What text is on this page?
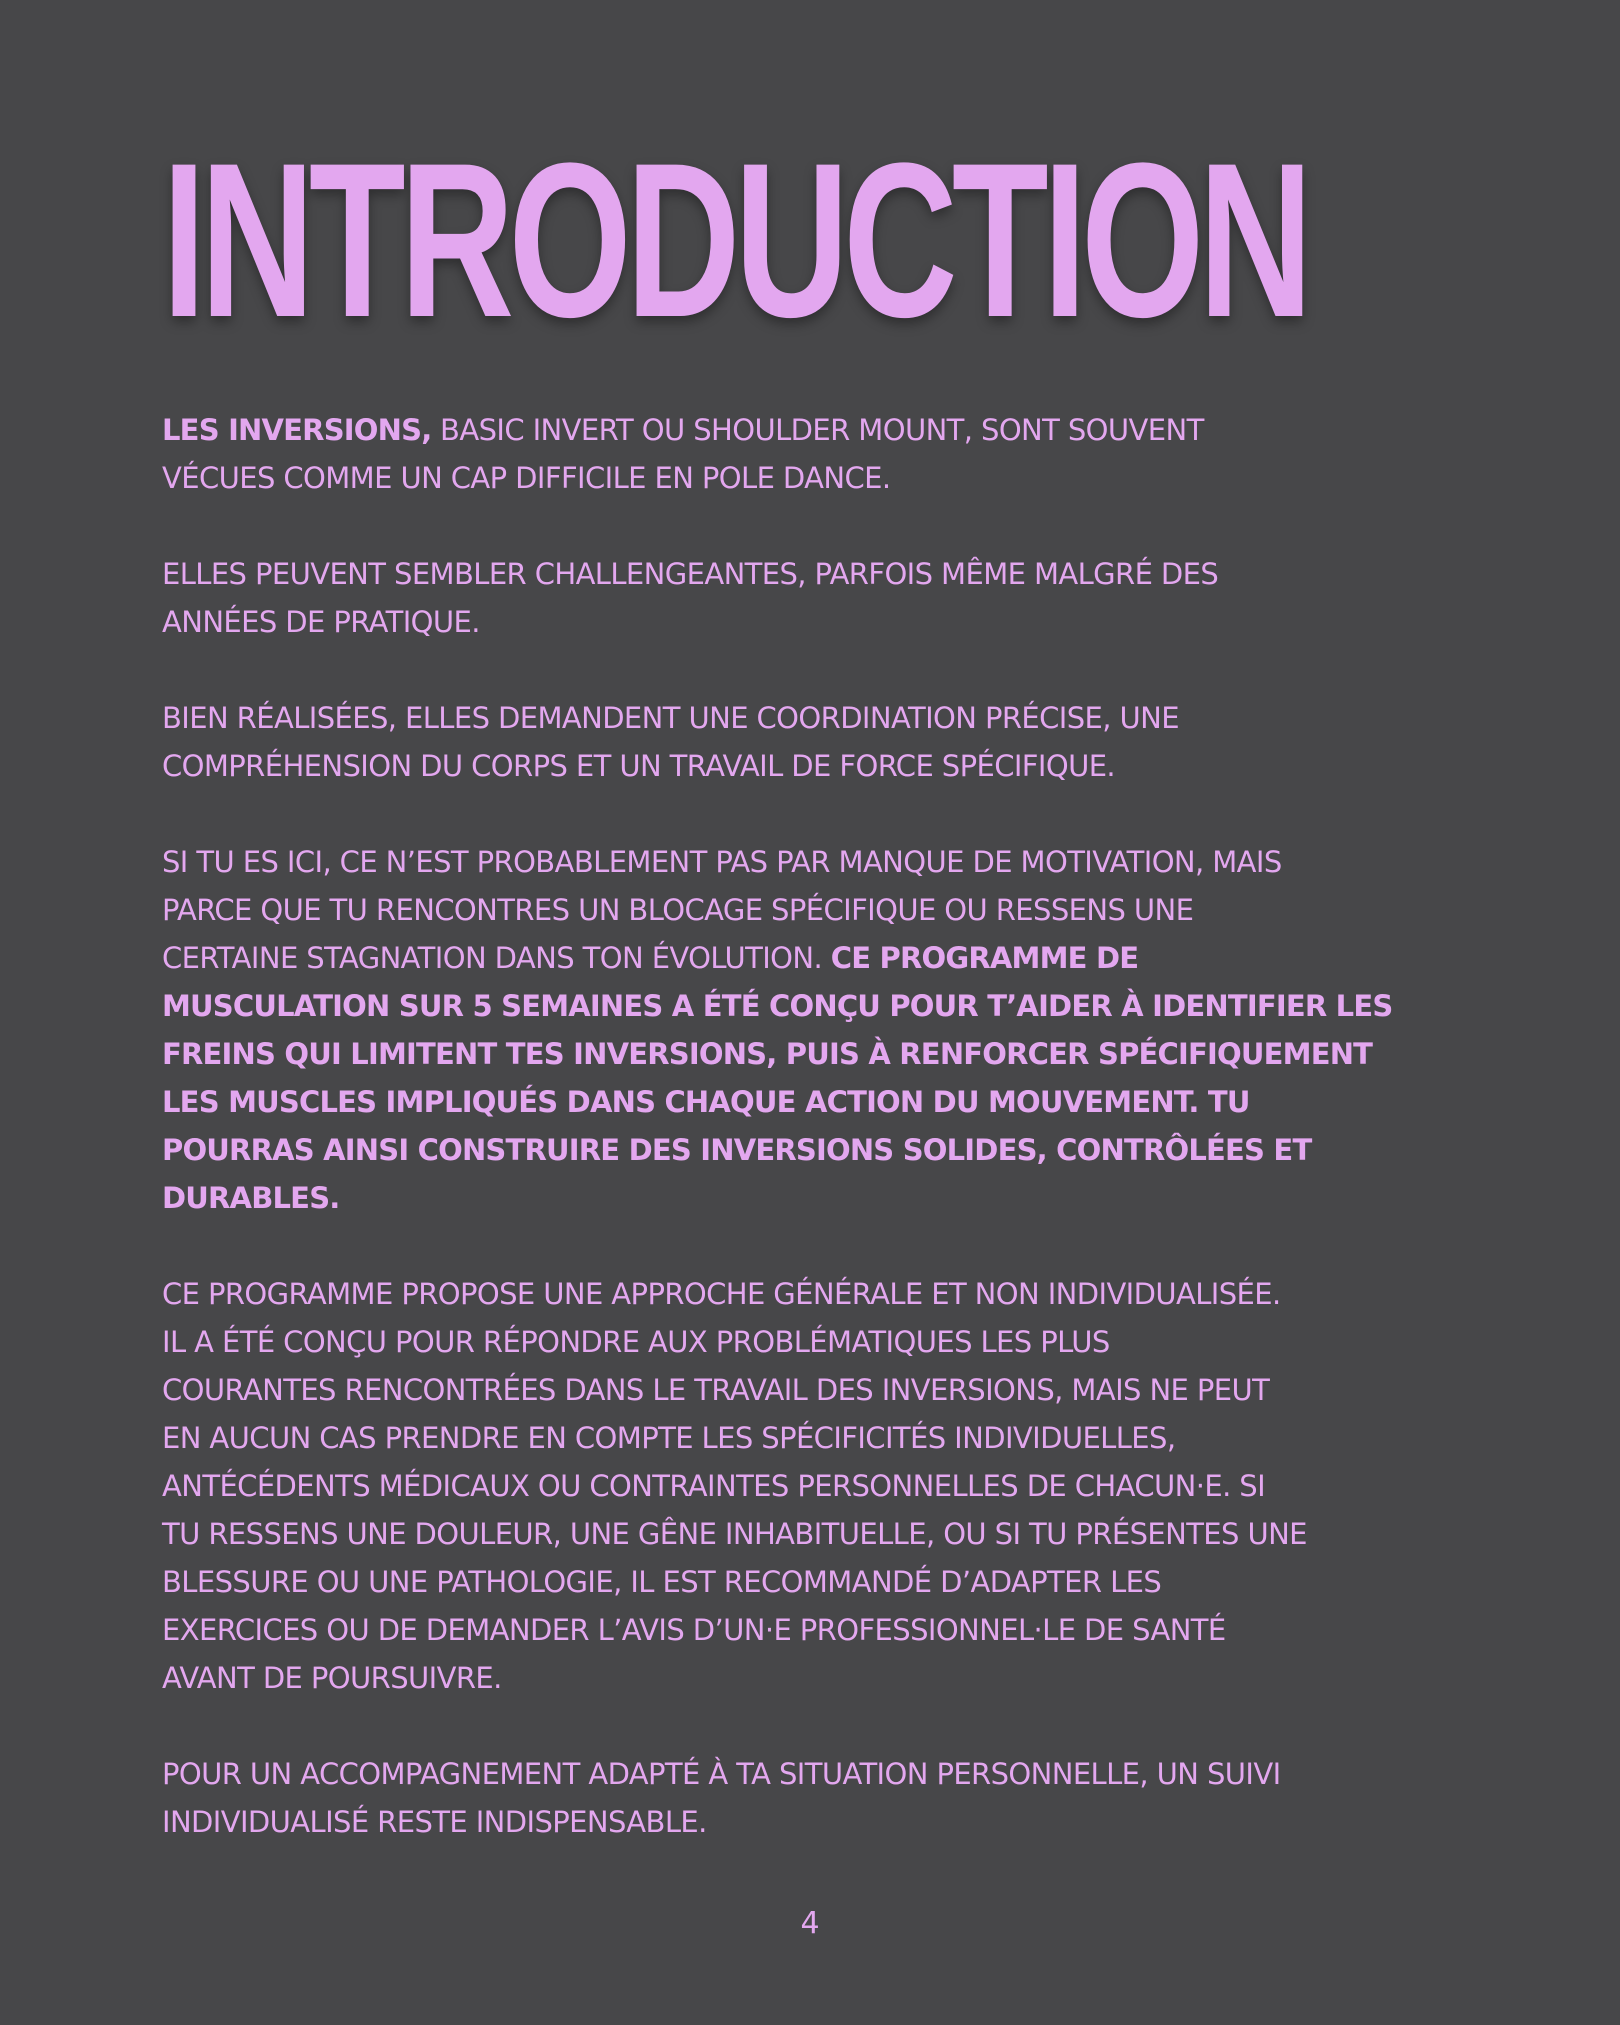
INTRODUCTION

LES INVERSIONS, BASIC INVERT OU SHOULDER MOUNT, SONT SOUVENT
VÉCUES COMME UN CAP DIFFICILE EN POLE DANCE.

ELLES PEUVENT SEMBLER CHALLENGEANTES, PARFOIS MÊME MALGRÉ DES
ANNÉES DE PRATIQUE.

BIEN RÉALISÉES, ELLES DEMANDENT UNE COORDINATION PRÉCISE, UNE
COMPRÉHENSION DU CORPS ET UN TRAVAIL DE FORCE SPÉCIFIQUE.

SI TU ES ICI, CE N’EST PROBABLEMENT PAS PAR MANQUE DE MOTIVATION, MAIS
PARCE QUE TU RENCONTRES UN BLOCAGE SPÉCIFIQUE OU RESSENS UNE
CERTAINE STAGNATION DANS TON ÉVOLUTION. CE PROGRAMME DE
MUSCULATION SUR 5 SEMAINES A ÉTÉ CONÇU POUR T’AIDER À IDENTIFIER LES
FREINS QUI LIMITENT TES INVERSIONS, PUIS À RENFORCER SPÉCIFIQUEMENT
LES MUSCLES IMPLIQUÉS DANS CHAQUE ACTION DU MOUVEMENT. TU
POURRAS AINSI CONSTRUIRE DES INVERSIONS SOLIDES, CONTRÔLÉES ET
DURABLES.

CE PROGRAMME PROPOSE UNE APPROCHE GÉNÉRALE ET NON INDIVIDUALISÉE.
IL A ÉTÉ CONÇU POUR RÉPONDRE AUX PROBLÉMATIQUES LES PLUS
COURANTES RENCONTRÉES DANS LE TRAVAIL DES INVERSIONS, MAIS NE PEUT
EN AUCUN CAS PRENDRE EN COMPTE LES SPÉCIFICITÉS INDIVIDUELLES,
ANTÉCÉDENTS MÉDICAUX OU CONTRAINTES PERSONNELLES DE CHACUN·E. SI
TU RESSENS UNE DOULEUR, UNE GÊNE INHABITUELLE, OU SI TU PRÉSENTES UNE
BLESSURE OU UNE PATHOLOGIE, IL EST RECOMMANDÉ D’ADAPTER LES
EXERCICES OU DE DEMANDER L’AVIS D’UN·E PROFESSIONNEL·LE DE SANTÉ
AVANT DE POURSUIVRE.

POUR UN ACCOMPAGNEMENT ADAPTÉ À TA SITUATION PERSONNELLE, UN SUIVI
INDIVIDUALISÉ RESTE INDISPENSABLE.

4
